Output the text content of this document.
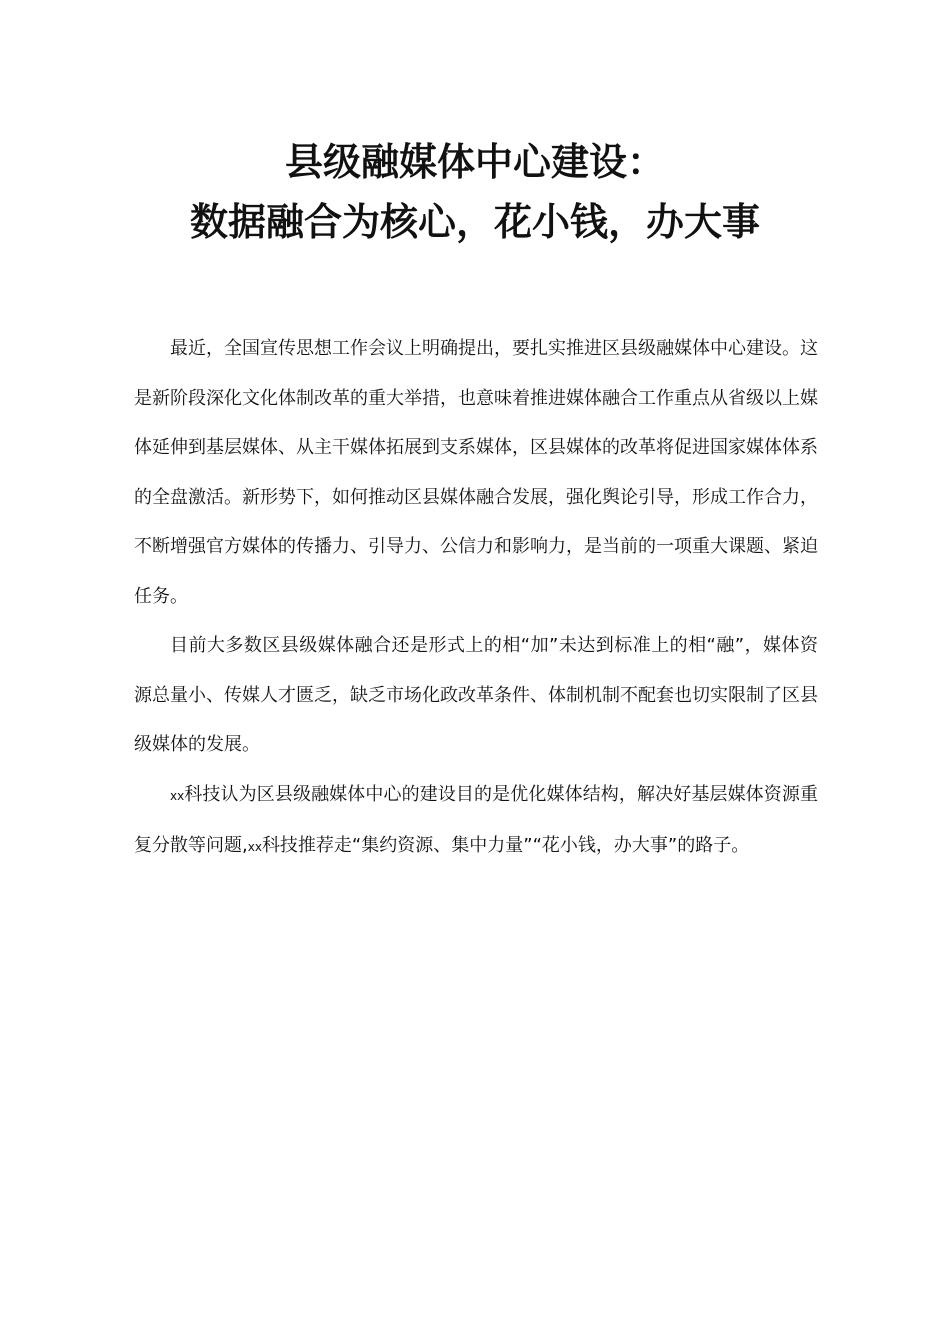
县级融媒体中心建设：
数据融合为核心，花小钱，办大事

最近，全国宣传思想工作会议上明确提出，要扎实推进区县级融媒体中心建设。这是新阶段深化文化体制改革的重大举措，也意味着推进媒体融合工作重点从省级以上媒体延伸到基层媒体、从主干媒体拓展到支系媒体，区县媒体的改革将促进国家媒体体系的全盘激活。新形势下，如何推动区县媒体融合发展，强化舆论引导，形成工作合力，不断增强官方媒体的传播力、引导力、公信力和影响力，是当前的一项重大课题、紧迫任务。

目前大多数区县级媒体融合还是形式上的相“加”未达到标准上的相“融”，媒体资源总量小、传媒人才匮乏，缺乏市场化政改革条件、体制机制不配套也切实限制了区县级媒体的发展。

xx科技认为区县级融媒体中心的建设目的是优化媒体结构，解决好基层媒体资源重复分散等问题,xx科技推荐走“集约资源、集中力量”“花小钱，办大事”的路子。
